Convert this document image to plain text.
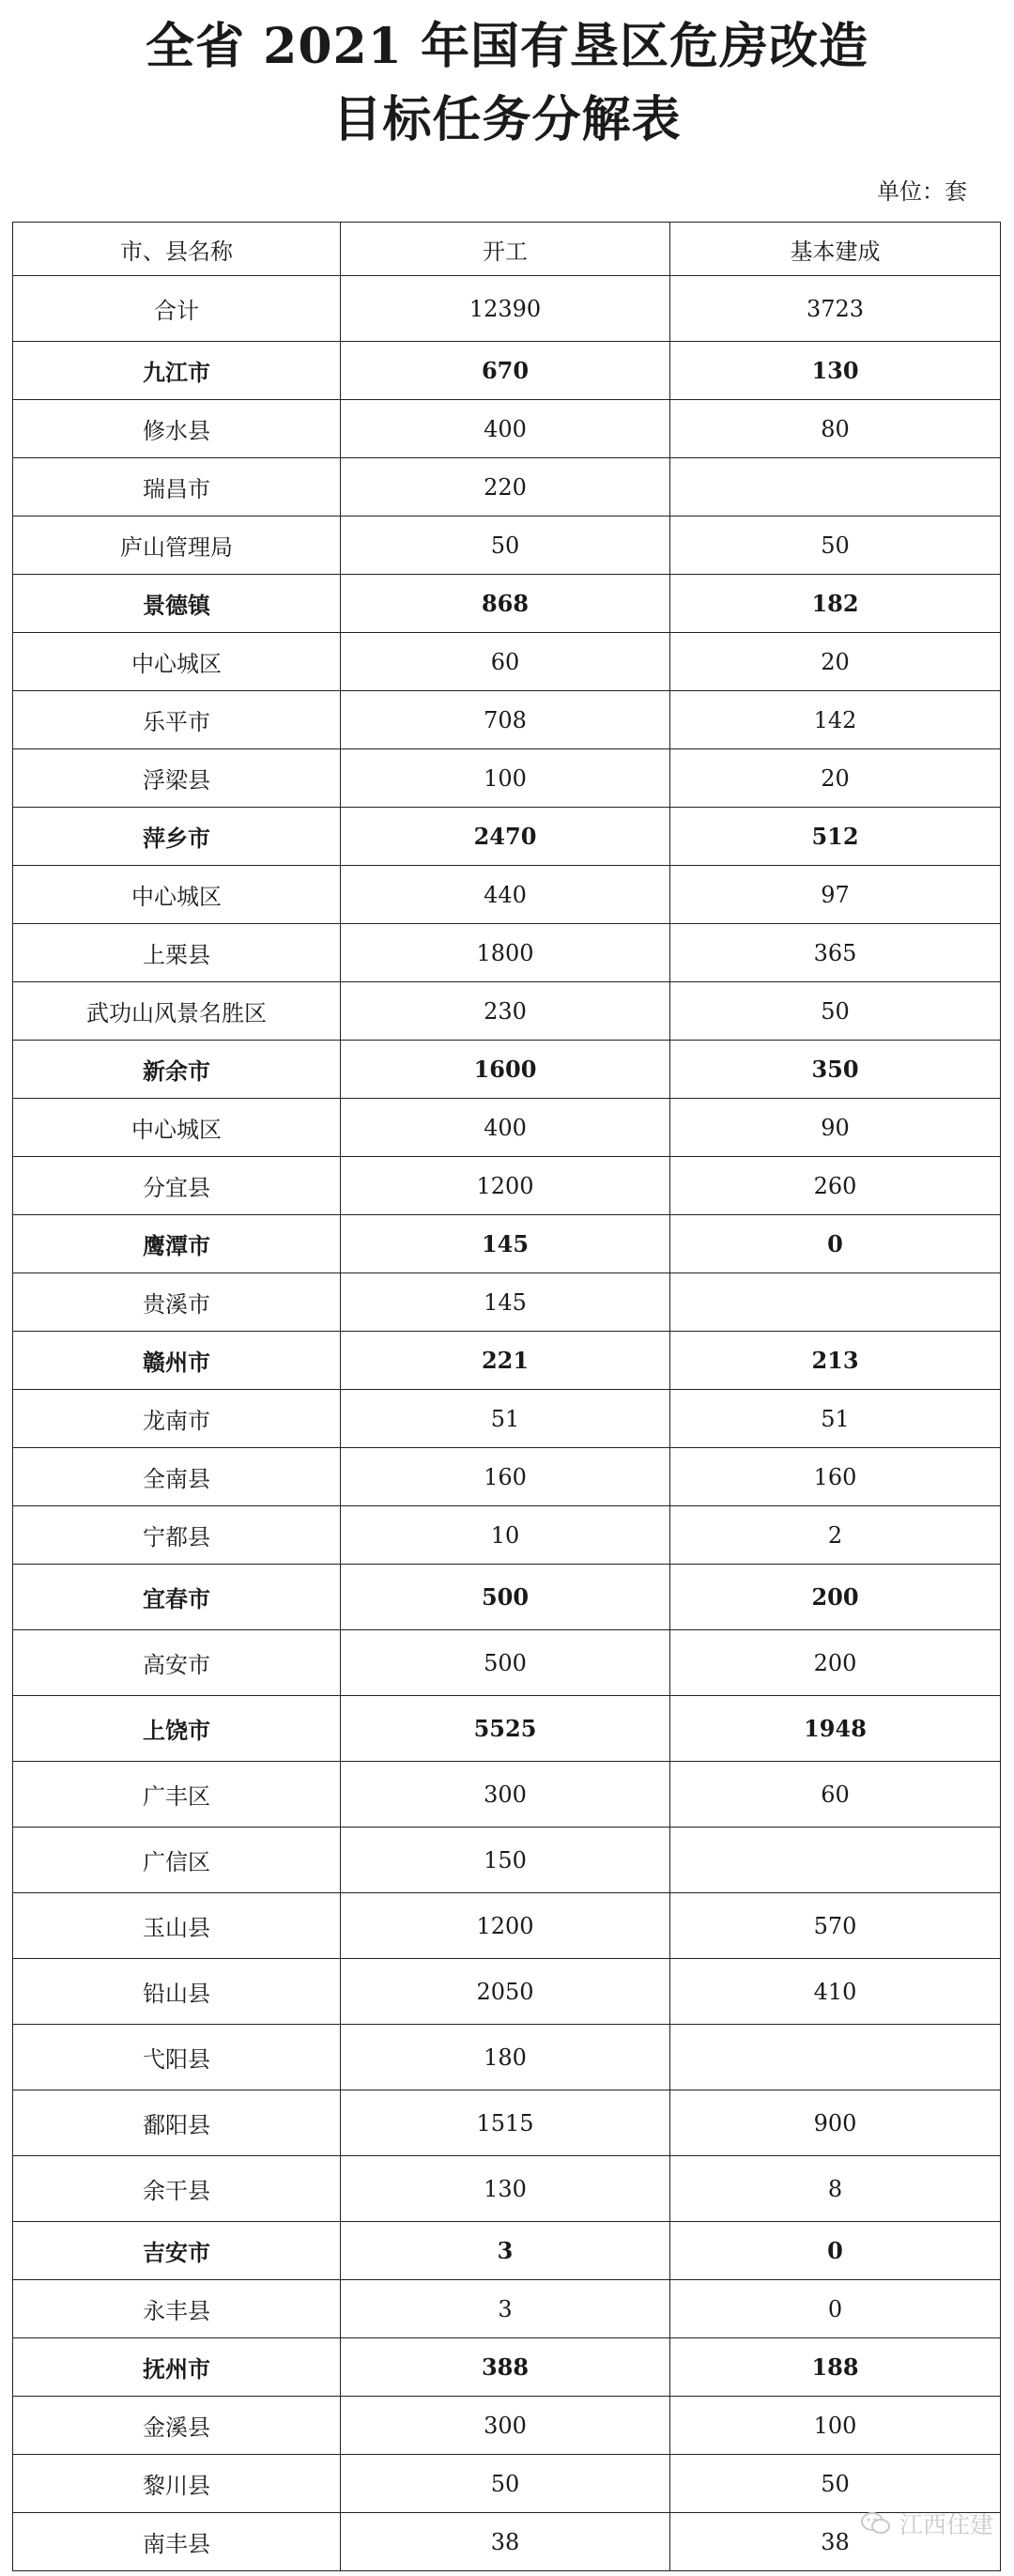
全省 2021 年国有垦区危房改造
目标任务分解表
单位：套
市、县名称	开工	基本建成
合计	12390	3723
九江市	670	130
修水县	400	80
瑞昌市	220	
庐山管理局	50	50
景德镇	868	182
中心城区	60	20
乐平市	708	142
浮梁县	100	20
萍乡市	2470	512
中心城区	440	97
上栗县	1800	365
武功山风景名胜区	230	50
新余市	1600	350
中心城区	400	90
分宜县	1200	260
鹰潭市	145	0
贵溪市	145	
赣州市	221	213
龙南市	51	51
全南县	160	160
宁都县	10	2
宜春市	500	200
高安市	500	200
上饶市	5525	1948
广丰区	300	60
广信区	150	
玉山县	1200	570
铅山县	2050	410
弋阳县	180	
鄱阳县	1515	900
余干县	130	8
吉安市	3	0
永丰县	3	0
抚州市	388	188
金溪县	300	100
黎川县	50	50
南丰县	38	38
江西住建
